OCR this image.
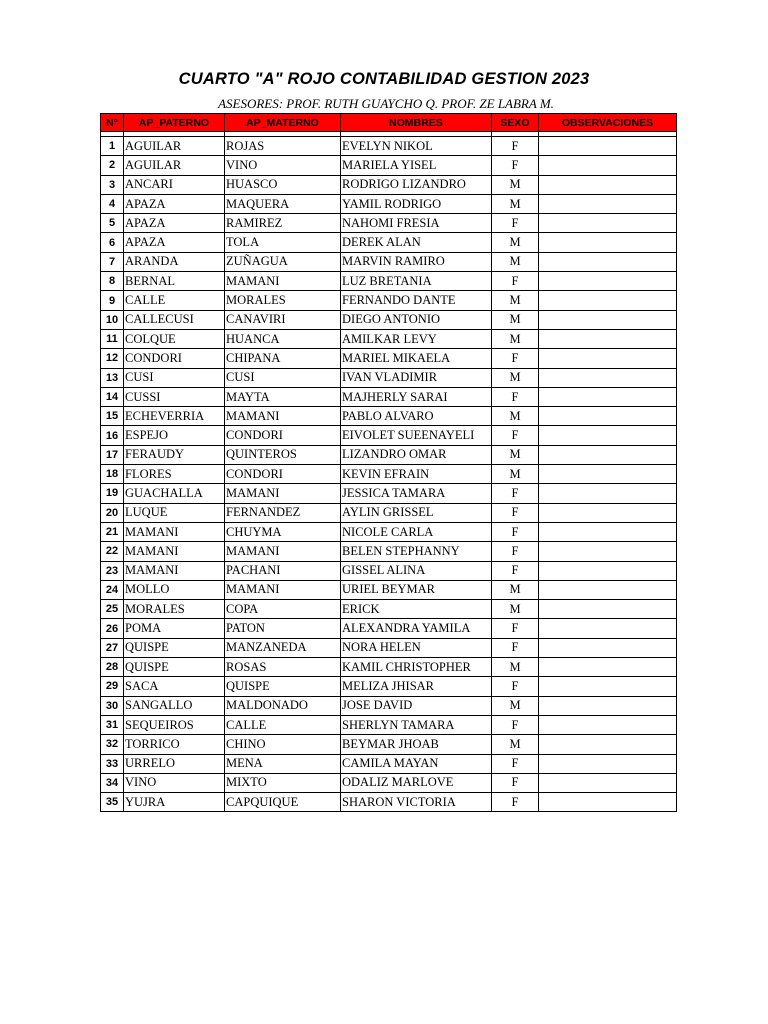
CUARTO "A" ROJO CONTABILIDAD GESTION 2023
ASESORES: PROF. RUTH GUAYCHO Q. PROF. ZE LABRA M.
N°	AP_PATERNO	AP_MATERNO	NOMBRES	SEXO	OBSERVACIONES

1	AGUILAR	ROJAS	EVELYN NIKOL	F	
2	AGUILAR	VINO	MARIELA YISEL	F	
3	ANCARI	HUASCO	RODRIGO LIZANDRO	M	
4	APAZA	MAQUERA	YAMIL RODRIGO	M	
5	APAZA	RAMIREZ	NAHOMI FRESIA	F	
6	APAZA	TOLA	DEREK ALAN	M	
7	ARANDA	ZUÑAGUA	MARVIN RAMIRO	M	
8	BERNAL	MAMANI	LUZ BRETANIA	F	
9	CALLE	MORALES	FERNANDO DANTE	M	
10	CALLECUSI	CANAVIRI	DIEGO ANTONIO	M	
11	COLQUE	HUANCA	AMILKAR LEVY	M	
12	CONDORI	CHIPANA	MARIEL MIKAELA	F	
13	CUSI	CUSI	IVAN VLADIMIR	M	
14	CUSSI	MAYTA	MAJHERLY SARAI	F	
15	ECHEVERRIA	MAMANI	PABLO ALVARO	M	
16	ESPEJO	CONDORI	EIVOLET SUEENAYELI	F	
17	FERAUDY	QUINTEROS	LIZANDRO OMAR	M	
18	FLORES	CONDORI	KEVIN EFRAIN	M	
19	GUACHALLA	MAMANI	JESSICA TAMARA	F	
20	LUQUE	FERNANDEZ	AYLIN GRISSEL	F	
21	MAMANI	CHUYMA	NICOLE CARLA	F	
22	MAMANI	MAMANI	BELEN STEPHANNY	F	
23	MAMANI	PACHANI	GISSEL ALINA	F	
24	MOLLO	MAMANI	URIEL BEYMAR	M	
25	MORALES	COPA	ERICK	M	
26	POMA	PATON	ALEXANDRA YAMILA	F	
27	QUISPE	MANZANEDA	NORA HELEN	F	
28	QUISPE	ROSAS	KAMIL CHRISTOPHER	M	
29	SACA	QUISPE	MELIZA JHISAR	F	
30	SANGALLO	MALDONADO	JOSE DAVID	M	
31	SEQUEIROS	CALLE	SHERLYN TAMARA	F	
32	TORRICO	CHINO	BEYMAR JHOAB	M	
33	URRELO	MENA	CAMILA MAYAN	F	
34	VINO	MIXTO	ODALIZ MARLOVE	F	
35	YUJRA	CAPQUIQUE	SHARON VICTORIA	F	
